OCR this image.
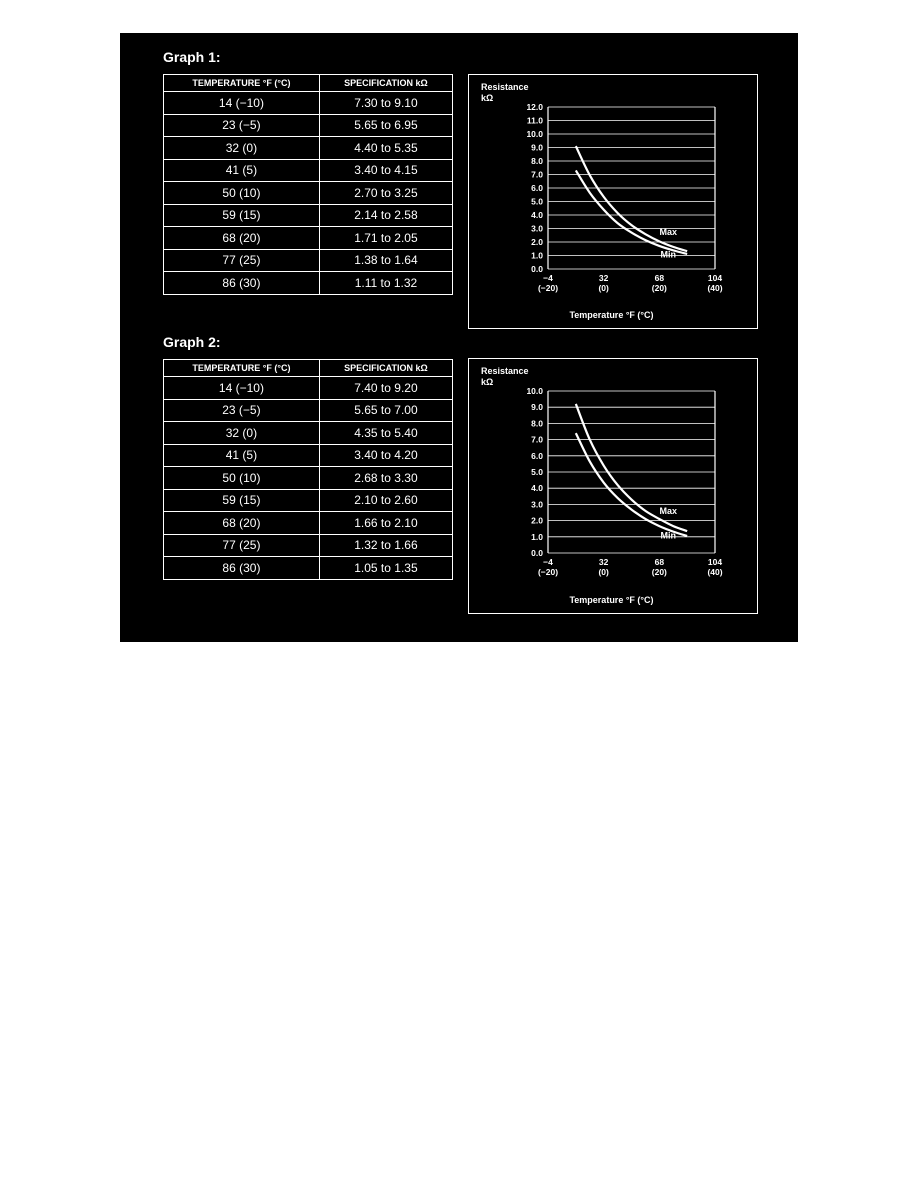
Graph 1:
TEMPERATURE °F (°C)	SPECIFICATION kΩ
14 (−10)	7.30 to 9.10
23 (−5)	5.65 to 6.95
32 (0)	4.40 to 5.35
41 (5)	3.40 to 4.15
50 (10)	2.70 to 3.25
59 (15)	2.14 to 2.58
68 (20)	1.71 to 2.05
77 (25)	1.38 to 1.64
86 (30)	1.11 to 1.32
Resistance
kΩ
0.0
1.0
2.0
3.0
4.0
5.0
6.0
7.0
8.0
9.0
10.0
11.0
12.0
−4
(−20)
32
(0)
68
(20)
104
(40)
Temperature °F (°C)
Max
Min
Graph 2:
TEMPERATURE °F (°C)	SPECIFICATION kΩ
14 (−10)	7.40 to 9.20
23 (−5)	5.65 to 7.00
32 (0)	4.35 to 5.40
41 (5)	3.40 to 4.20
50 (10)	2.68 to 3.30
59 (15)	2.10 to 2.60
68 (20)	1.66 to 2.10
77 (25)	1.32 to 1.66
86 (30)	1.05 to 1.35
Resistance
kΩ
0.0
1.0
2.0
3.0
4.0
5.0
6.0
7.0
8.0
9.0
10.0
−4
(−20)
32
(0)
68
(20)
104
(40)
Temperature °F (°C)
Max
Min
